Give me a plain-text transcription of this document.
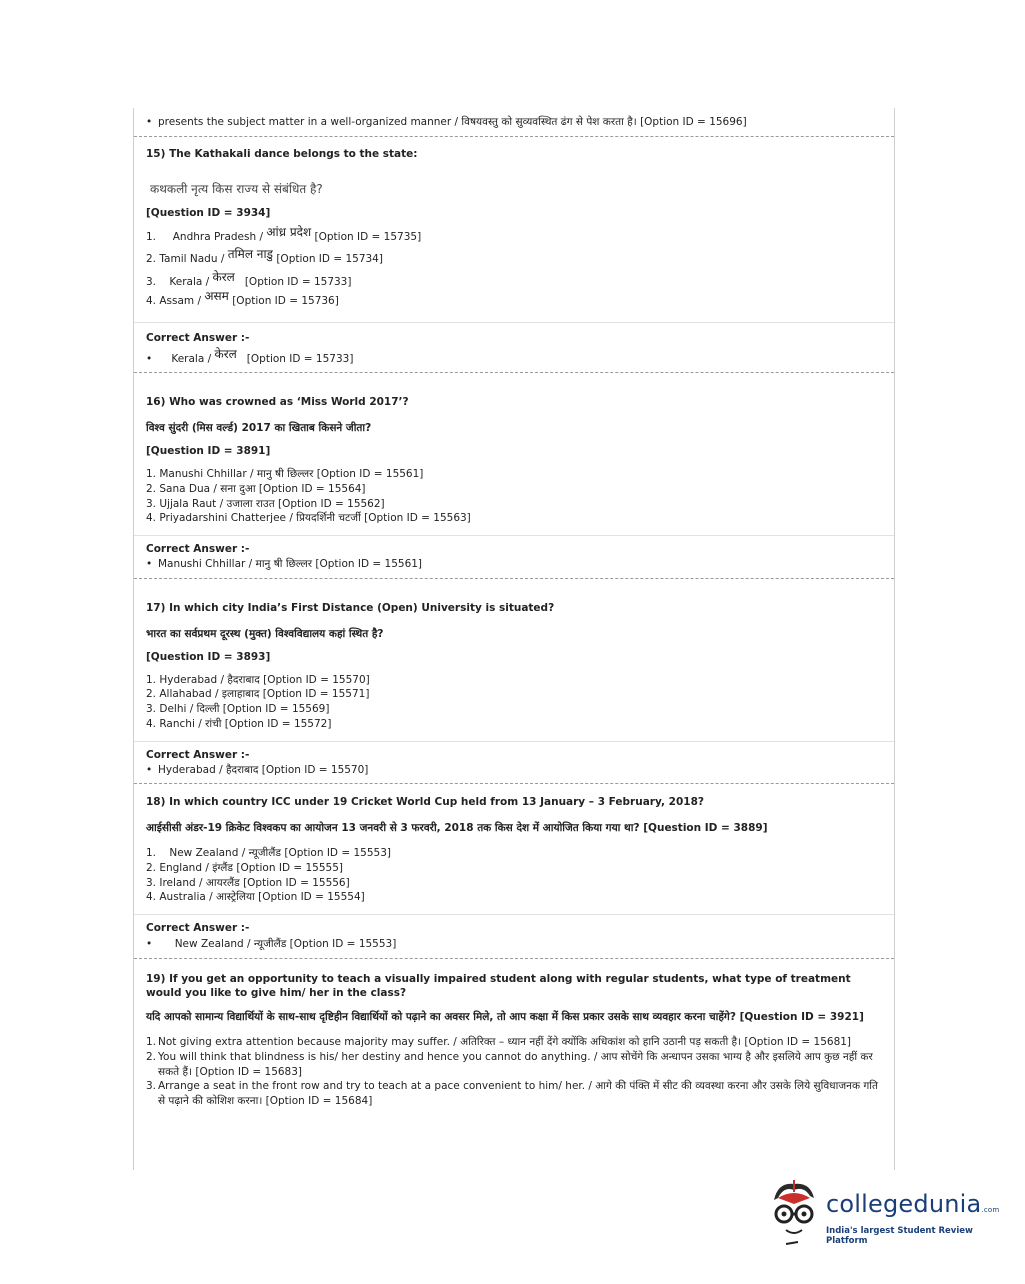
• presents the subject matter in a well-organized manner / विषयवस्तु को सुव्यवस्थित ढंग से पेश करता है। [Option ID = 15696]
15) The Kathakali dance belongs to the state:
कथकली नृत्य किस राज्य से संबंधित है?
[Question ID = 3934]
1. Andhra Pradesh / आंध्र प्रदेश [Option ID = 15735]
2. Tamil Nadu / तमिल नाडु [Option ID = 15734]
3. Kerala / केरल [Option ID = 15733]
4. Assam / असम [Option ID = 15736]
Correct Answer :-
• Kerala / केरल [Option ID = 15733]
16) Who was crowned as ‘Miss World 2017’?
विश्व सुंदरी (मिस वर्ल्ड) 2017 का खिताब किसने जीता?
[Question ID = 3891]
1. Manushi Chhillar / मानु षी छिल्लर [Option ID = 15561]
2. Sana Dua / सना दुआ [Option ID = 15564]
3. Ujjala Raut / उजाला राउत [Option ID = 15562]
4. Priyadarshini Chatterjee / प्रियदर्शिनी चटर्जी [Option ID = 15563]
Correct Answer :-
• Manushi Chhillar / मानु षी छिल्लर [Option ID = 15561]
17) In which city India’s First Distance (Open) University is situated?
भारत का सर्वप्रथम दूरस्थ (मुक्त) विश्वविद्यालय कहां स्थित है?
[Question ID = 3893]
1. Hyderabad / हैदराबाद [Option ID = 15570]
2. Allahabad / इलाहाबाद [Option ID = 15571]
3. Delhi / दिल्ली [Option ID = 15569]
4. Ranchi / रांची [Option ID = 15572]
Correct Answer :-
• Hyderabad / हैदराबाद [Option ID = 15570]
18) In which country ICC under 19 Cricket World Cup held from 13 January – 3 February, 2018?
आईसीसी अंडर-19 क्रिकेट विश्वकप का आयोजन 13 जनवरी से 3 फरवरी, 2018 तक किस देश में आयोजित किया गया था? [Question ID = 3889]
1.    New Zealand / न्यूजीलैंड [Option ID = 15553]
2. England / इंग्लैंड [Option ID = 15555]
3. Ireland / आयरलैंड [Option ID = 15556]
4. Australia / आस्ट्रेलिया [Option ID = 15554]
Correct Answer :-
• New Zealand / न्यूजीलैंड [Option ID = 15553]
19) If you get an opportunity to teach a visually impaired student along with regular students, what type of treatment would you like to give him/ her in the class?
यदि आपको सामान्य विद्यार्थियों के साथ-साथ दृष्टिहीन विद्यार्थियों को पढ़ाने का अवसर मिले, तो आप कक्षा में किस प्रकार उसके साथ व्यवहार करना चाहेंगे? [Question ID = 3921]
1. Not giving extra attention because majority may suffer. / अतिरिक्त – ध्यान नहीं देंगे क्योंकि अधिकांश को हानि उठानी पड़ सकती है। [Option ID = 15681]
2. You will think that blindness is his/ her destiny and hence you cannot do anything. / आप सोचेंगे कि अन्धापन उसका भाग्य है और इसलिये आप कुछ नहीं कर सकते हैं। [Option ID = 15683]
3. Arrange a seat in the front row and try to teach at a pace convenient to him/ her. / आगे की पंक्ति में सीट की व्यवस्था करना और उसके लिये सुविधाजनक गति से पढ़ाने की कोशिश करना। [Option ID = 15684]
collegedunia.com
India's largest Student Review Platform
